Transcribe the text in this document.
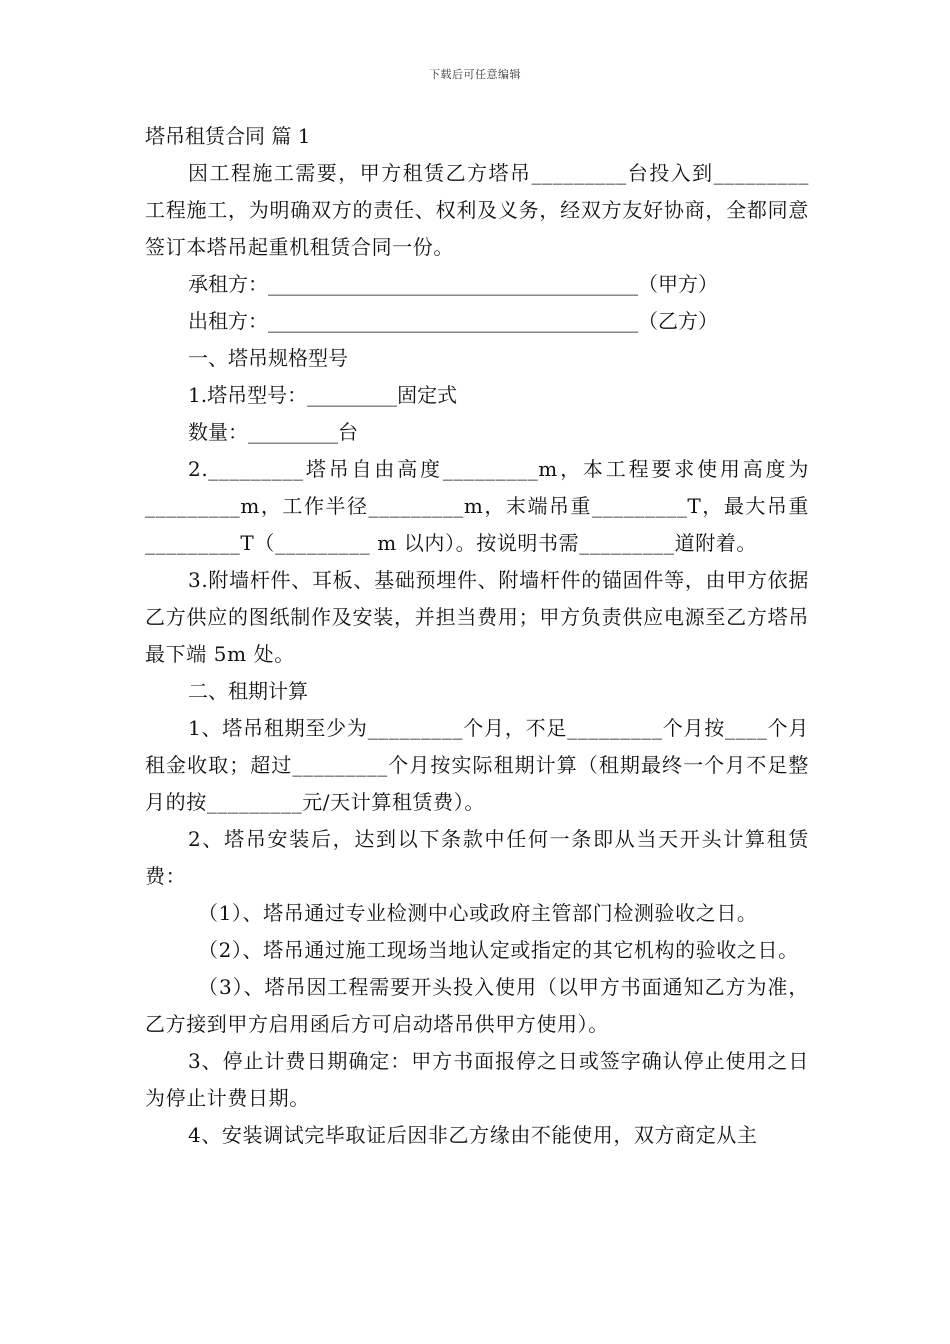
下载后可任意编辑

塔吊租赁合同 篇 1

因工程施工需要，甲方租赁乙方塔吊_________台投入到_________工程施工，为明确双方的责任、权利及义务，经双方友好协商，全都同意签订本塔吊起重机租赁合同一份。

承租方：_____________________________________（甲方）

出租方：_____________________________________（乙方）

一、塔吊规格型号

1.塔吊型号：_________固定式

数量：_________台

2._________塔吊自由高度_________m，本工程要求使用高度为_________m，工作半径_________m，末端吊重_________T，最大吊重_________T（_________ m 以内）。按说明书需_________道附着。

3.附墙杆件、耳板、基础预埋件、附墙杆件的锚固件等，由甲方依据乙方供应的图纸制作及安装，并担当费用；甲方负责供应电源至乙方塔吊最下端 5m 处。

二、租期计算

1、塔吊租期至少为_________个月，不足_________个月按____个月租金收取；超过_________个月按实际租期计算（租期最终一个月不足整月的按_________元/天计算租赁费）。

2、塔吊安装后，达到以下条款中任何一条即从当天开头计算租赁费：

（1）、塔吊通过专业检测中心或政府主管部门检测验收之日。

（2）、塔吊通过施工现场当地认定或指定的其它机构的验收之日。

（3）、塔吊因工程需要开头投入使用（以甲方书面通知乙方为准，乙方接到甲方启用函后方可启动塔吊供甲方使用）。

3、停止计费日期确定：甲方书面报停之日或签字确认停止使用之日为停止计费日期。

4、安装调试完毕取证后因非乙方缘由不能使用，双方商定从主
